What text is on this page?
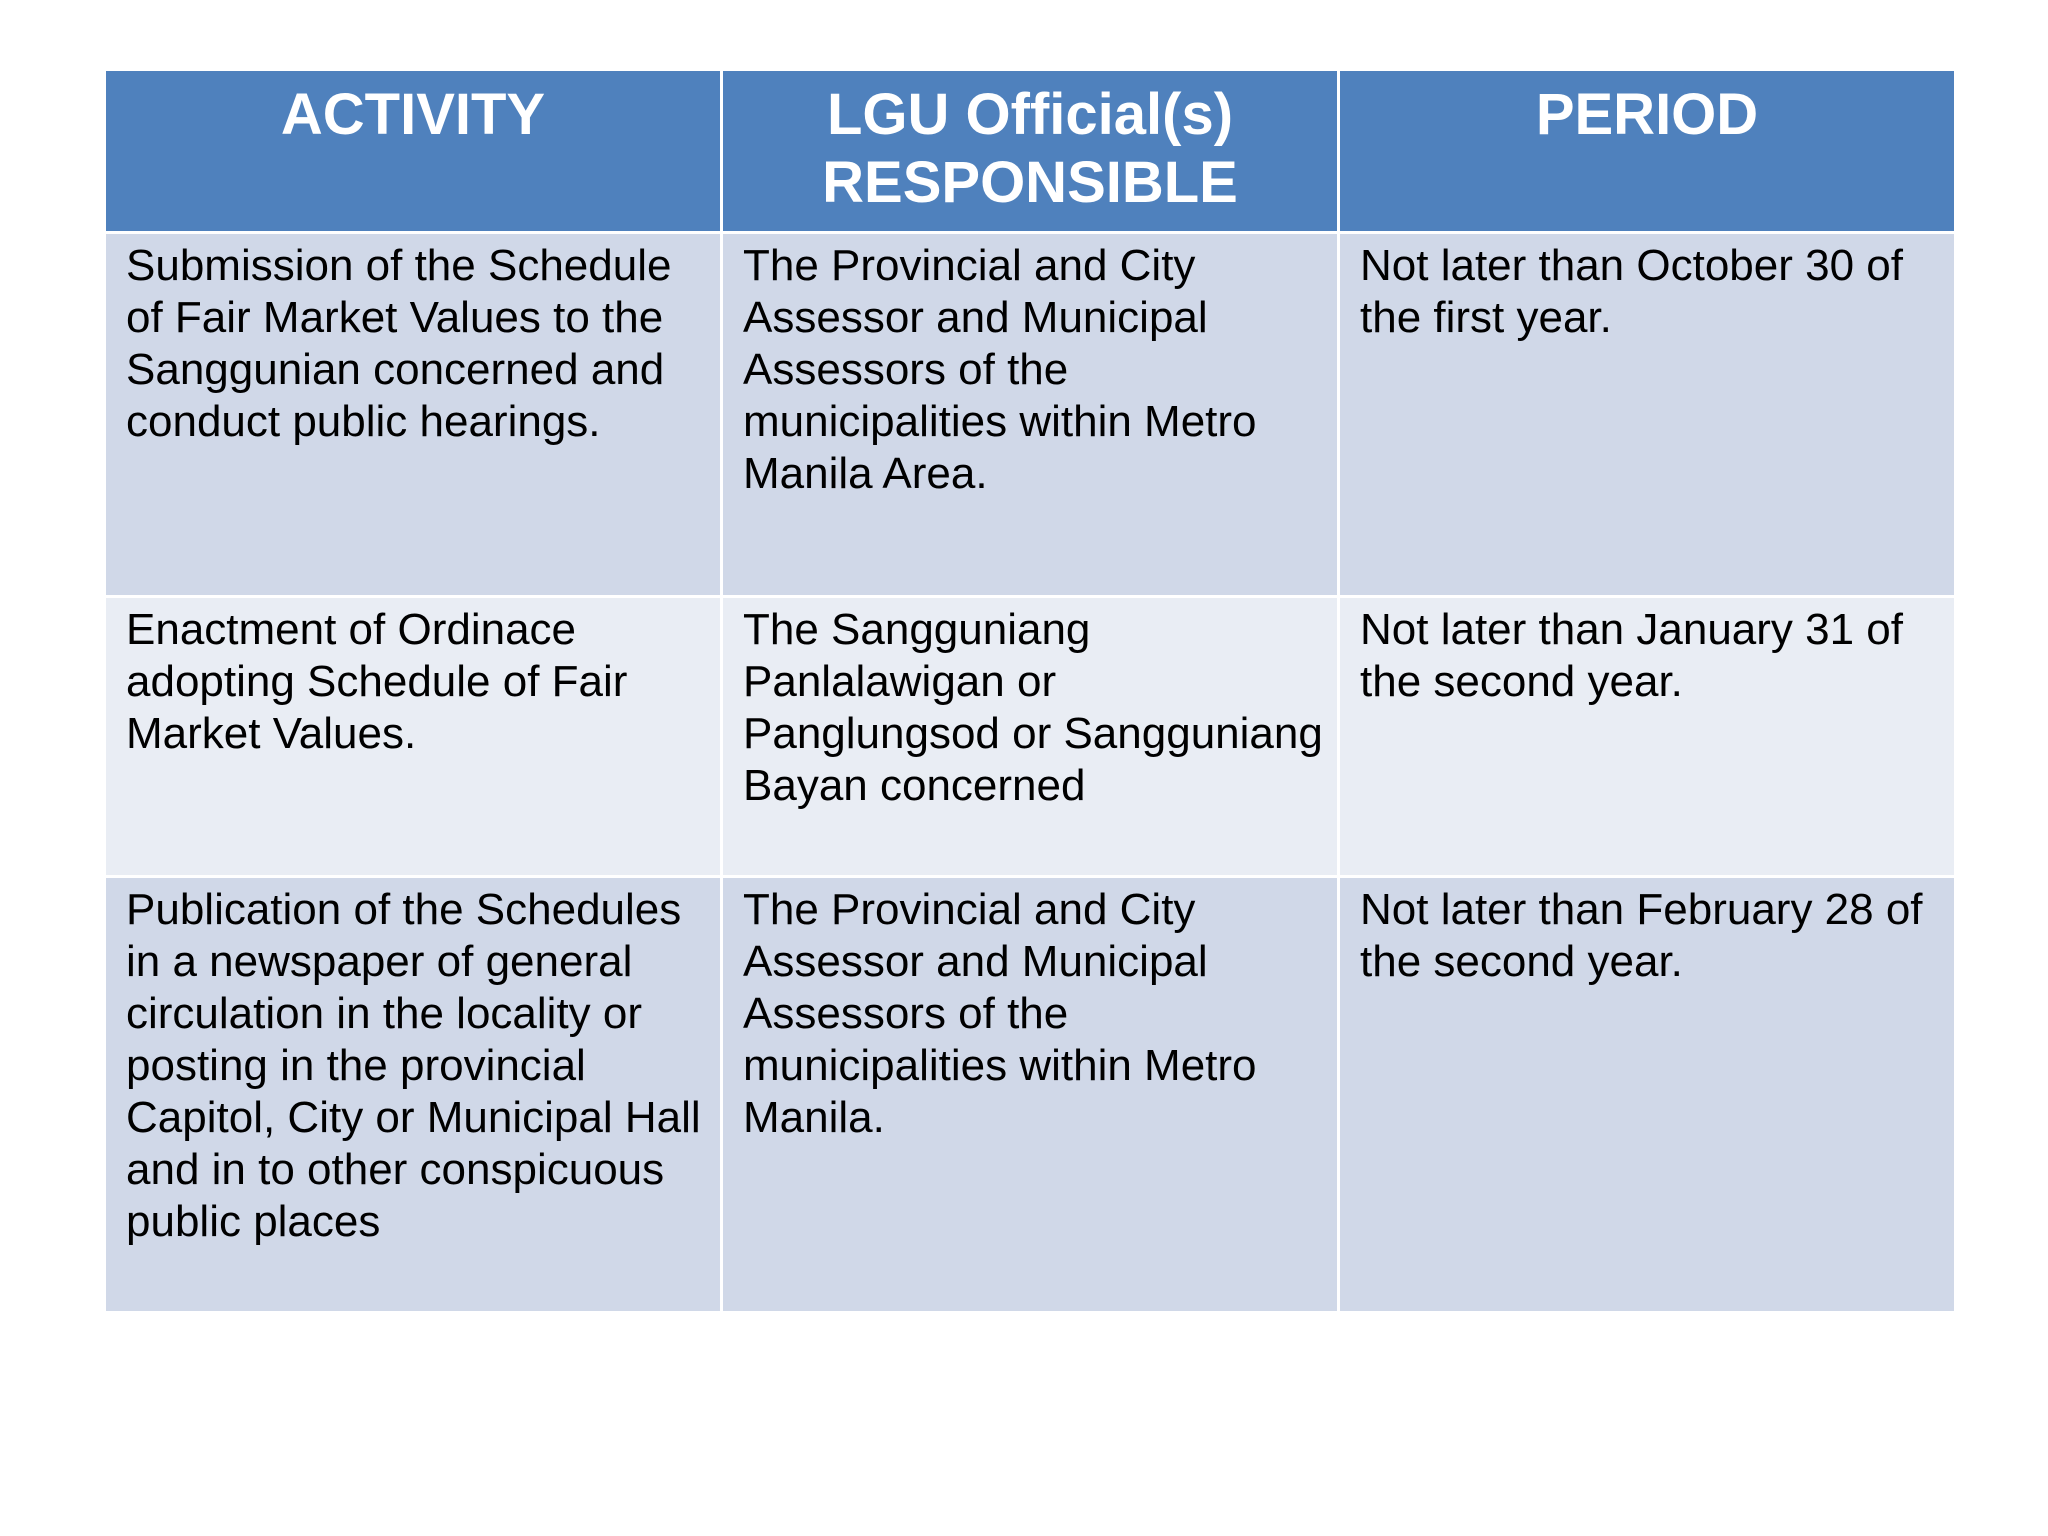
ACTIVITY	LGU Official(s) RESPONSIBLE	PERIOD
Submission of the Schedule of Fair Market Values to the Sanggunian concerned and conduct public hearings.	The Provincial and City Assessor and Municipal Assessors of the municipalities within Metro Manila Area.	Not later than October 30 of the first year.
Enactment of Ordinace adopting Schedule of Fair Market Values.	The Sangguniang Panlalawigan or Panglungsod or Sangguniang Bayan concerned	Not later than January 31 of the second year.
Publication of the Schedules in a newspaper of general circulation in the locality or posting in the provincial Capitol, City or Municipal Hall and in to other conspicuous public places	The Provincial and City Assessor and Municipal Assessors of the municipalities within Metro Manila.	Not later than February 28 of the second year.
